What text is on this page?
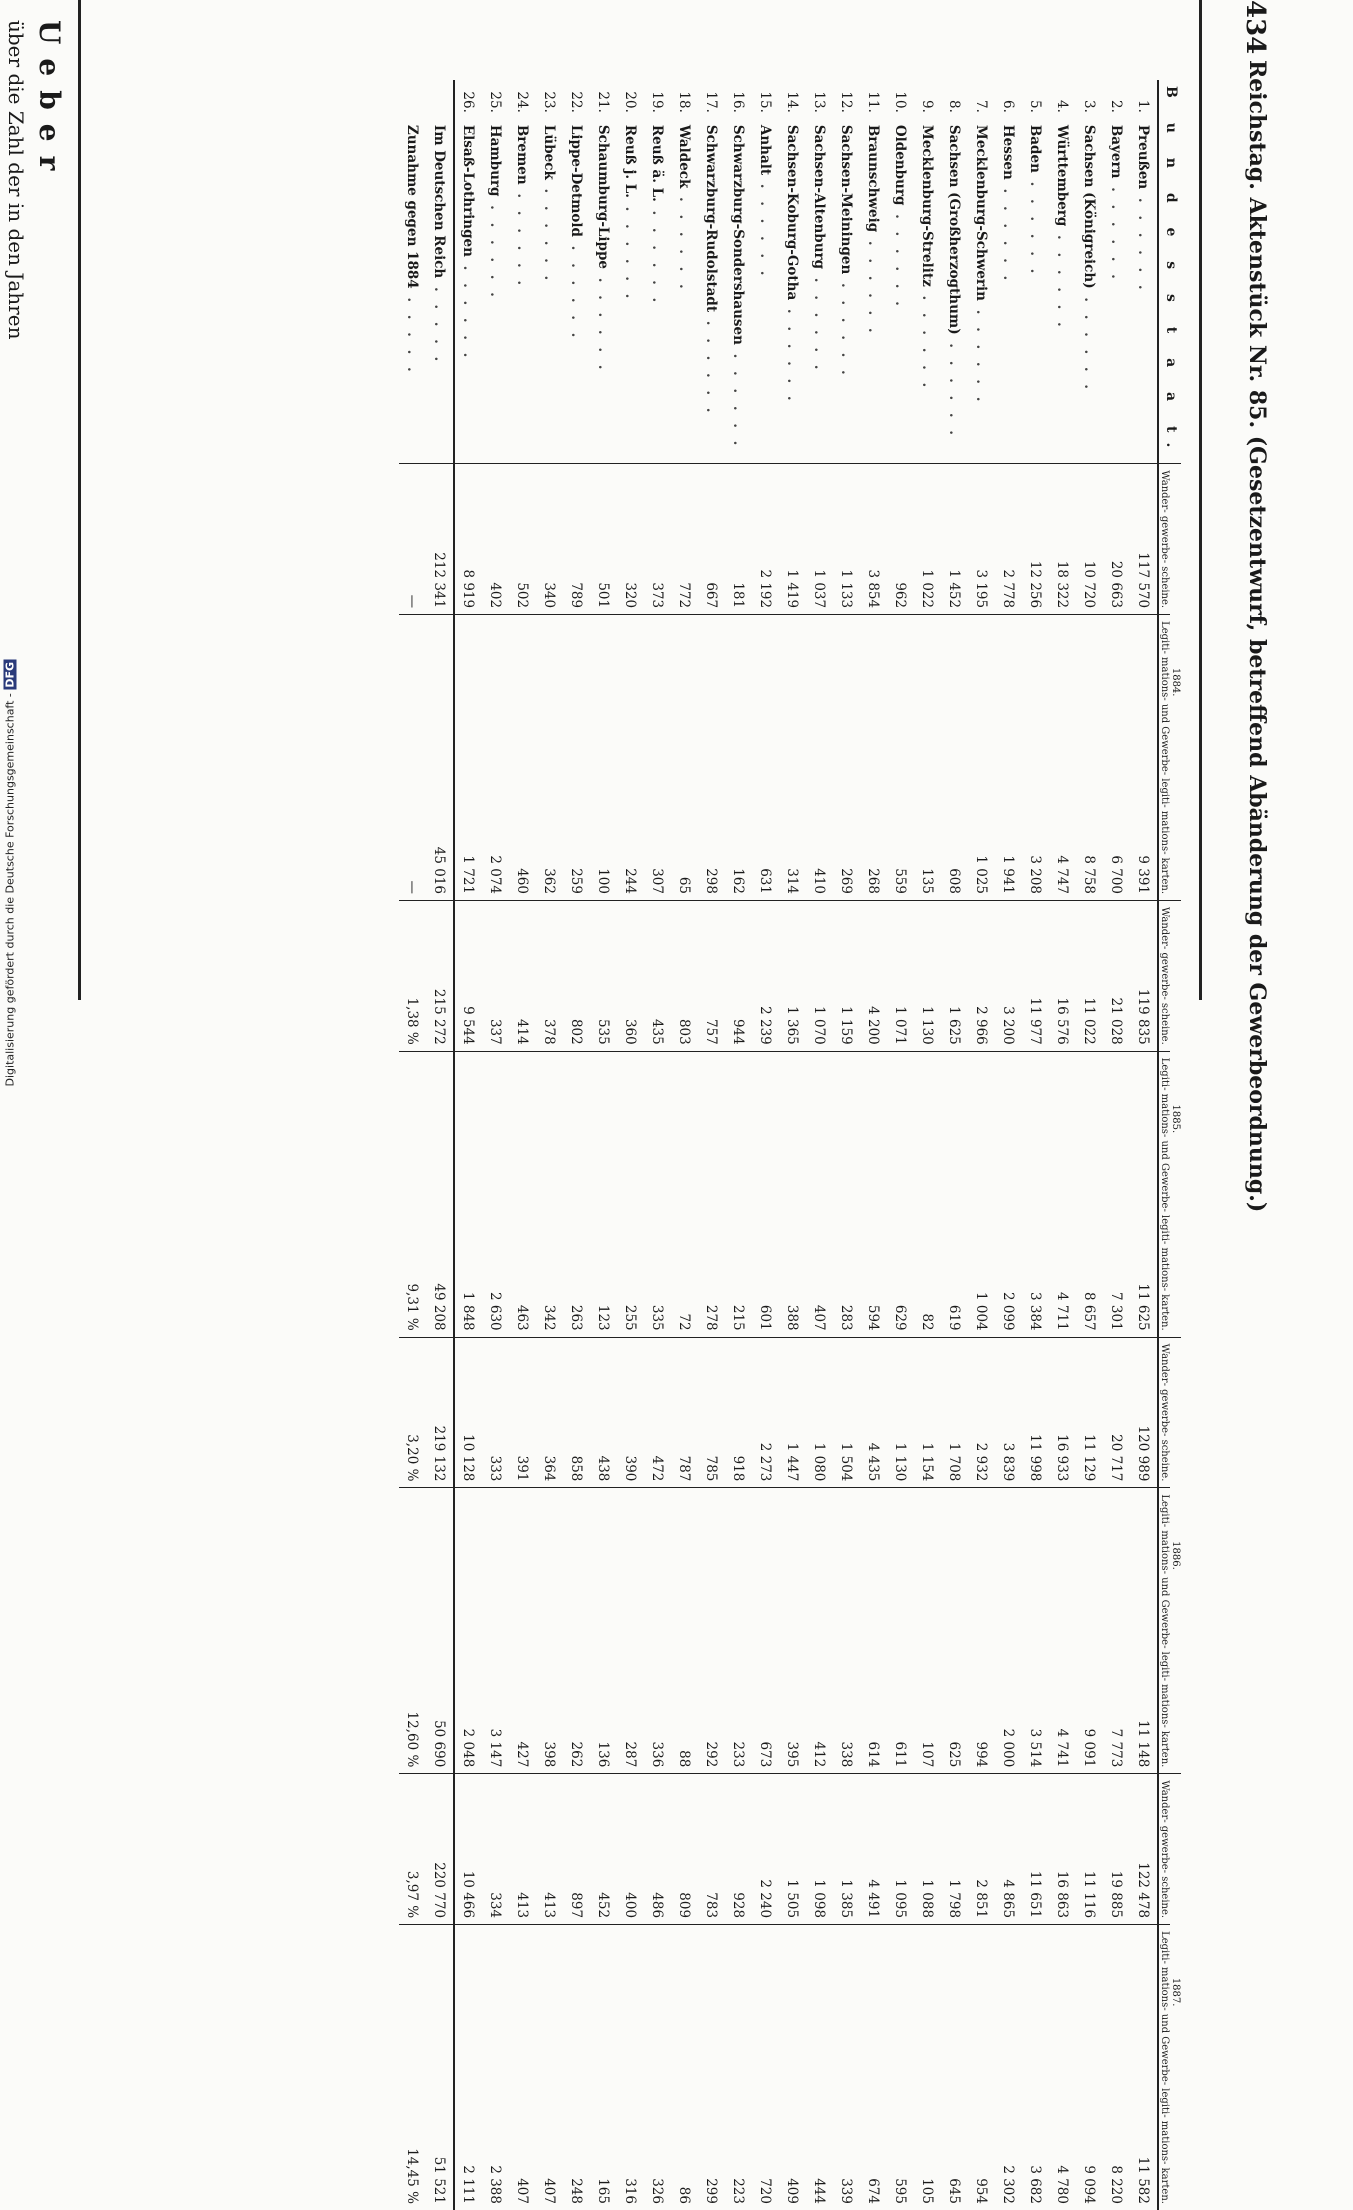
434
Reichstag. Aktenstück Nr. 85. (Gesetzentwurf, betreffend Abänderung der Gewerbeordnung.)
Ueber
über die Zahl der in den Jahren	B u n d e s s t a a t.		1884.		1885.		1886.		1887.	
		Wander- gewerbe- scheine.	Legiti- mations- und Gewerbe- legiti- mations- karten.	Wander- gewerbe- scheine.	Legiti- mations- und Gewerbe- legiti- mations- karten.	Wander- gewerbe- scheine.	Legiti- mations- und Gewerbe- legiti- mations- karten.	Wander- gewerbe- scheine.	Legiti- mations- und Gewerbe- legiti- mations- karten.
1.	Preußen . . . . . .	117 570	9 391	119 835	11 625	120 989	11 148	122 478	11 582
2.	Bayern . . . . . .	20 663	6 700	21 028	7 301	20 717	7 773	19 885	8 220
3.	Sachsen (Königreich) . . . . . .	10 720	8 758	11 022	8 657	11 129	9 091	11 116	9 094
4.	Württemberg . . . . . .	18 322	4 747	16 576	4 711	16 933	4 741	16 863	4 780
5.	Baden . . . . . .	12 256	3 208	11 977	3 384	11 998	3 514	11 651	3 682
6.	Hessen . . . . . .	2 778	1 941	3 200	2 099	3 839	2 000	4 865	2 302
7.	Mecklenburg-Schwerin . . . . . .	3 195	1 025	2 966	1 004	2 932	994	2 851	954
8.	Sachsen (Großherzogthum) . . . . . .	1 452	608	1 625	619	1 708	625	1 798	645
9.	Mecklenburg-Strelitz . . . . . .	1 022	135	1 130	82	1 154	107	1 088	105
10.	Oldenburg . . . . . .	962	559	1 071	629	1 130	611	1 095	595
11.	Braunschweig . . . . . .	3 854	268	4 200	594	4 435	614	4 491	674
12.	Sachsen-Meiningen . . . . . .	1 133	269	1 159	283	1 504	338	1 385	339
13.	Sachsen-Altenburg . . . . . .	1 037	410	1 070	407	1 080	412	1 098	444
14.	Sachsen-Koburg-Gotha . . . . . .	1 419	314	1 365	388	1 447	395	1 505	409
15.	Anhalt . . . . . .	2 192	631	2 239	601	2 273	673	2 240	720
16.	Schwarzburg-Sondershausen . . . . . .	181	162	944	215	918	233	928	223
17.	Schwarzburg-Rudolstadt . . . . . .	667	298	757	278	785	292	783	299
18.	Waldeck . . . . . .	772	65	803	72	787	88	809	86
19.	Reuß ä. L. . . . . . .	373	307	435	335	472	336	486	326
20.	Reuß j. L. . . . . . .	320	244	360	255	390	287	400	316
21.	Schaumburg-Lippe . . . . . .	501	100	535	123	438	136	452	165
22.	Lippe-Detmold . . . . . .	789	259	802	263	858	262	897	248
23.	Lübeck . . . . . .	340	362	378	342	364	398	413	407
24.	Bremen . . . . . .	502	460	414	463	391	427	413	407
25.	Hamburg . . . . . .	402	2 074	337	2 630	333	3 147	334	2 388
26.	Elsaß-Lothringen . . . . . .	8 919	1 721	9 544	1 848	10 128	2 048	10 466	2 111
	Im Deutschen Reich . . . . .	212 341	45 016	215 272	49 208	219 132	50 690	220 770	51 521
	Zunahme gegen 1884 . . . . .	—	—	1,38 %	9,31 %	3,20 %	12,60 %	3,97 %	14,45 %
Digitalisierung gefördert durch die Deutsche Forschungsgemeinschaft - DFG
